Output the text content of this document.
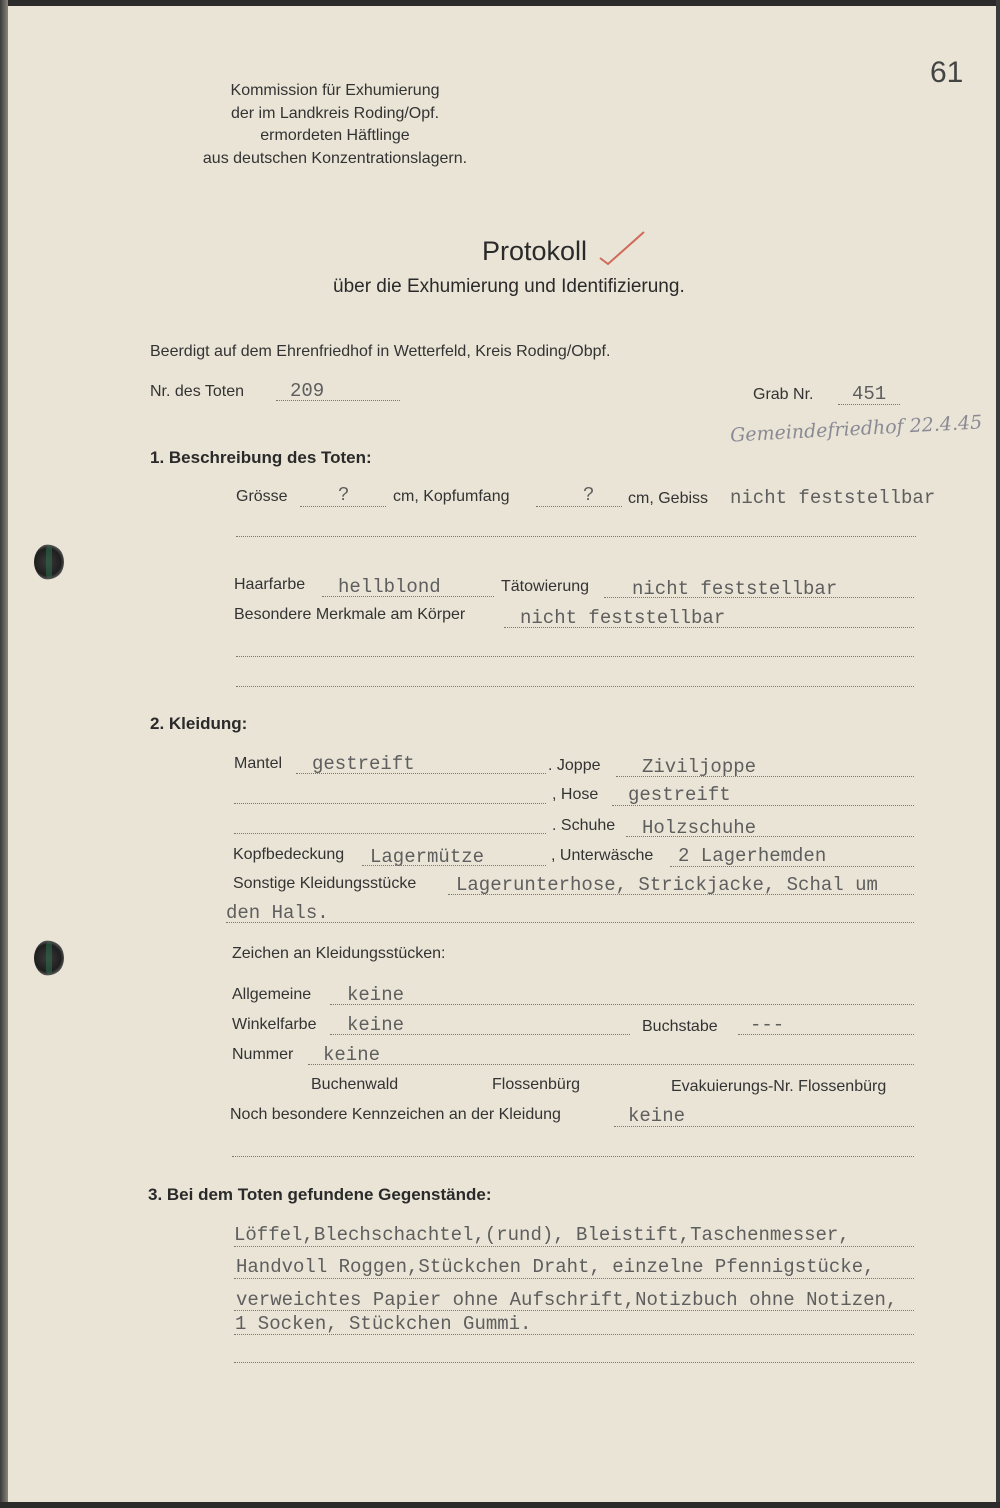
61
Kommission für Exhumierung
der im Landkreis Roding/Opf.
ermordeten Häftlinge
aus deutschen Konzentrationslagern.
Protokoll
über die Exhumierung und Identifizierung.
Beerdigt auf dem Ehrenfriedhof in Wetterfeld, Kreis Roding/Obpf.
Nr. des Toten 209	Grab Nr. 451
Gemeindefriedhof 22.4.45
1. Beschreibung des Toten:
Grösse	?	cm, Kopfumfang	? cm, Gebiss nicht feststellbar
Haarfarbe hellblond	Tätowierung nicht feststellbar
Besondere Merkmale am Körper	nicht feststellbar
2. Kleidung:
Mantel gestreift	. Joppe Ziviljoppe
, Hose gestreift
. Schuhe Holzschuhe
Kopfbedeckung Lagermütze	, Unterwäsche 2 Lagerhemden
Sonstige Kleidungsstücke Lagerunterhose, Strickjacke, Schal um
den Hals.
Zeichen an Kleidungsstücken:
Allgemeine keine
Winkelfarbe keine	Buchstabe ---
Nummer keine
Buchenwald	Flossenbürg	Evakuierungs-Nr. Flossenbürg
Noch besondere Kennzeichen an der Kleidung	keine
3. Bei dem Toten gefundene Gegenstände:
Löffel,Blechschachtel,(rund), Bleistift,Taschenmesser,
Handvoll Roggen,Stückchen Draht, einzelne Pfennigstücke,
verweichtes Papier ohne Aufschrift,Notizbuch ohne Notizen,
1 Socken, Stückchen Gummi.
